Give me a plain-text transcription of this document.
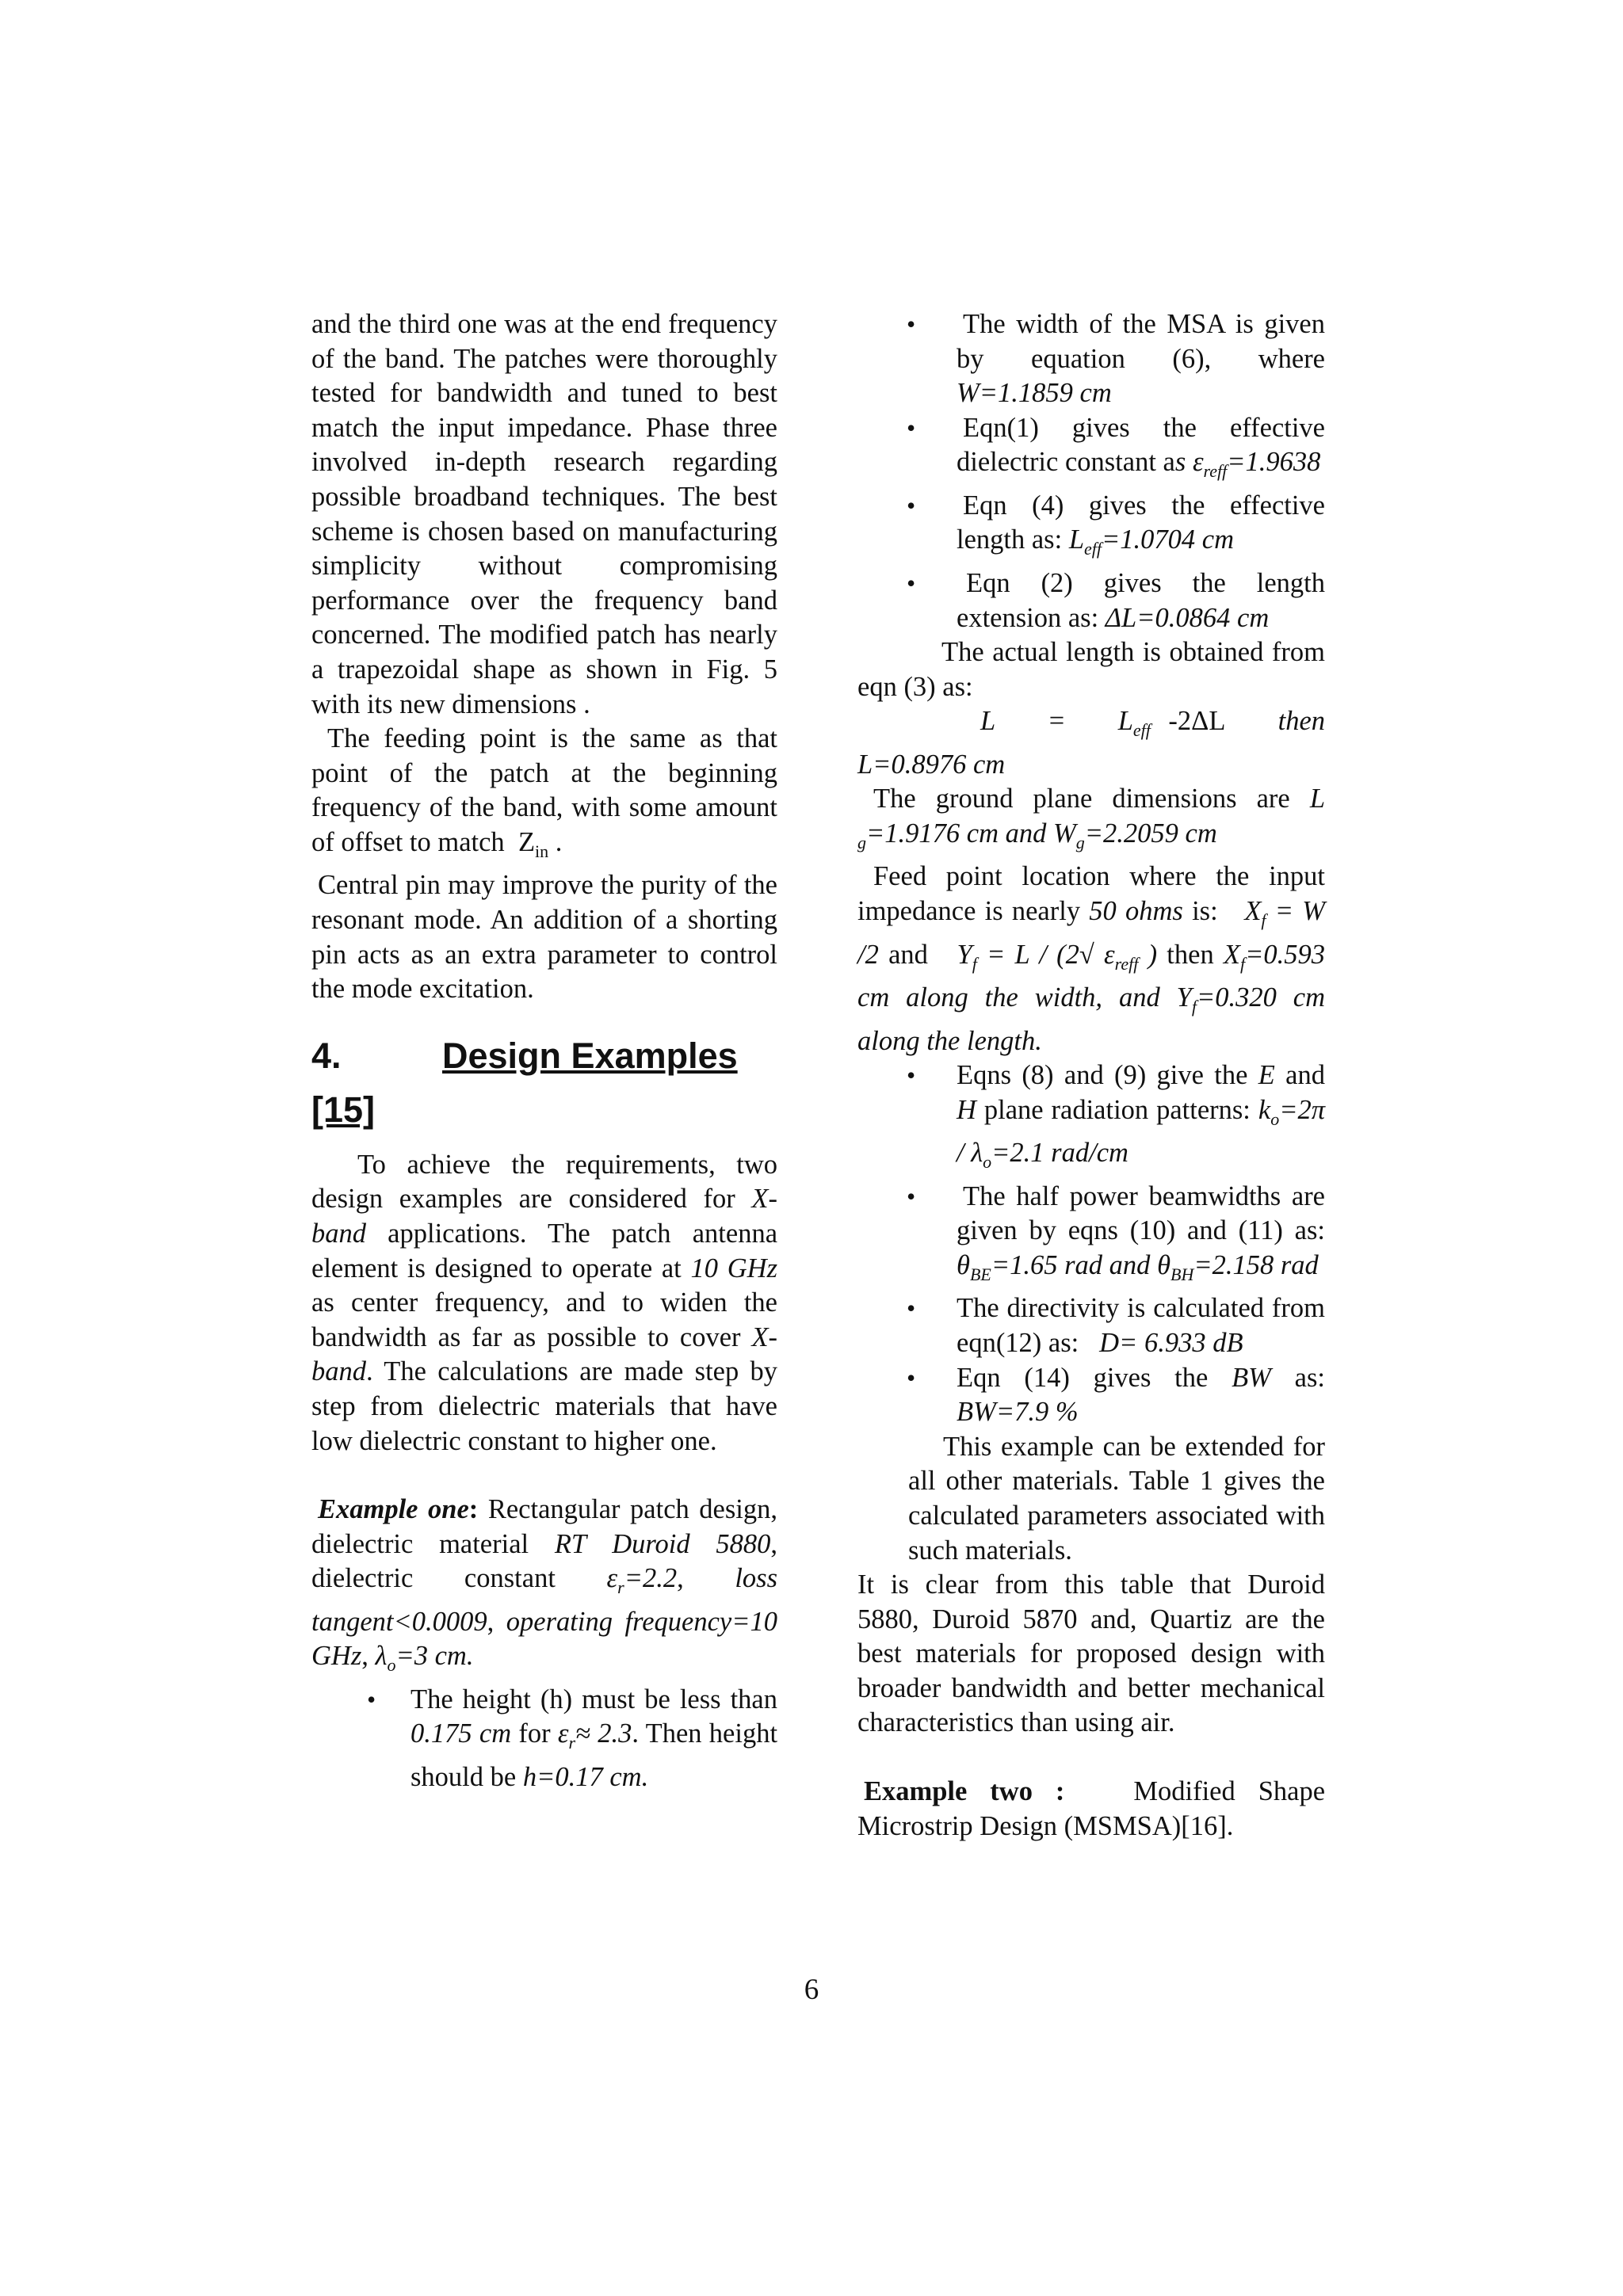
and the third one was at the end frequency of the band. The patches were thoroughly tested for bandwidth and tuned to best match the input impedance. Phase three involved in-depth research regarding possible broadband techniques. The best scheme is chosen based on manufacturing simplicity without compromising performance over the frequency band concerned. The modified patch has nearly a trapezoidal shape as shown in Fig. 5 with its new dimensions .

The feeding point is the same as that point of the patch at the beginning frequency of the band, with some amount of offset to match $Z_{in}$ .

Central pin may improve the purity of the resonant mode. An addition of a shorting pin acts as an extra parameter to control the mode excitation.

4.	Design Examples
[15]

To achieve the requirements, two design examples are considered for X-band applications. The patch antenna element is designed to operate at 10 GHz as center frequency, and to widen the bandwidth as far as possible to cover X-band. The calculations are made step by step from dielectric materials that have low dielectric constant to higher one.

Example one: Rectangular patch design, dielectric material RT Duroid 5880, dielectric constant $\varepsilon_r=2.2$, loss tangent<0.0009, operating frequency=10 GHz, $\lambda_o=3$ cm.

• The height (h) must be less than 0.175 cm for $\varepsilon_r\approx 2.3$. Then height should be h=0.17 cm.
• The width of the MSA is given by equation (6), where W=1.1859 cm
• Eqn(1) gives the effective dielectric constant as $\varepsilon_{reff}=1.9638$
• Eqn (4) gives the effective length as: $L_{eff}=1.0704$ cm
• Eqn (2) gives the length extension as: ΔL=0.0864 cm

The actual length is obtained from eqn (3) as:

$L = L_{eff}$ -2ΔL then

L=0.8976 cm

The ground plane dimensions are L $_g$=1.9176 cm and $W_g=2.2059$ cm

Feed point location where the input impedance is nearly 50 ohms is: $X_f = W$ /2 and $Y_f = L / (2√$ $\varepsilon_{reff}$ ) then $X_f=0.593$ cm along the width, and $Y_f=0.320$ cm along the length.

• Eqns (8) and (9) give the E and H plane radiation patterns: $k_o=2\pi / \lambda_o=2.1$ rad/cm
• The half power beamwidths are given by eqns (10) and (11) as: $\theta_{BE}=1.65$ rad and $\theta_{BH}=2.158$ rad
• The directivity is calculated from eqn(12) as: D= 6.933 dB
• Eqn (14) gives the BW as: BW=7.9 %

This example can be extended for all other materials. Table 1 gives the calculated parameters associated with such materials.

It is clear from this table that Duroid 5880, Duroid 5870 and, Quartiz are the best materials for proposed design with broader bandwidth and better mechanical characteristics than using air.

Example two :	Modified Shape Microstrip Design (MSMSA)[16].

6
